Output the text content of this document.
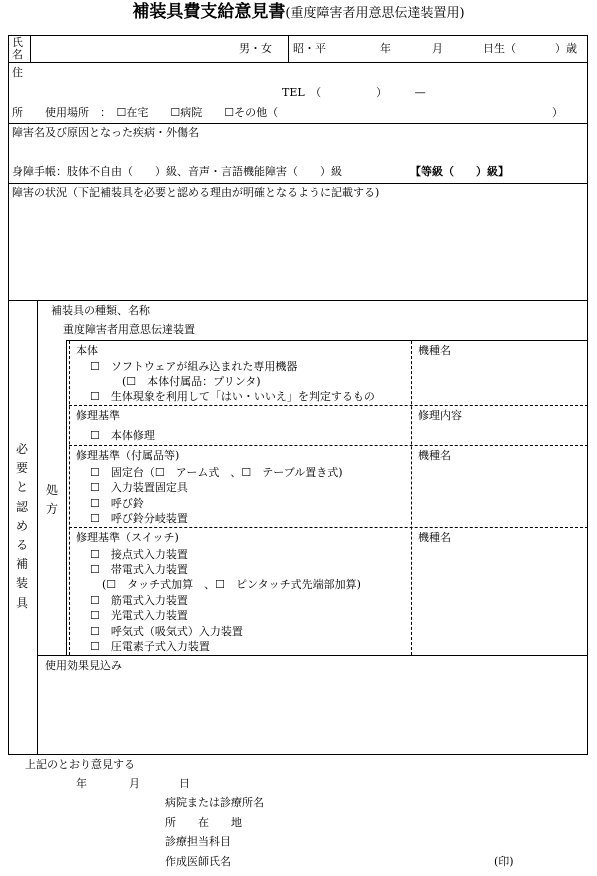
補装具費支給意見書(重度障害者用意思伝達装置用)
氏
名	男・女 昭・平	年	月	日生（	）歳
住
TEL　（　　　　　）　　　—
所 使用場所　：　☐在宅　　☐病院　　☐その他（	）
障害名及び原因となった疾病・外傷名
身障手帳：肢体不自由（　　）級、音声・言語機能障害（　　）級	【等級（　　）級】
障害の状況（下記補装具を必要と認める理由が明確となるように記載する)
必
要
と
認
め
る
補
装
具
補装具の種類、名称
重度障害者用意思伝達装置
処
方
本体
☐　ソフトウェアが組み込まれた専用機器
(☐　本体付属品：プリンタ)
☐　生体現象を利用して「はい・いいえ」を判定するもの
機種名
修理基準
☐　本体修理
修理内容
修理基準（付属品等)
☐　固定台（☐　アーム式　、☐　テーブル置き式)
☐　入力装置固定具
☐　呼び鈴
☐　呼び鈴分岐装置
機種名
修理基準（スイッチ)
☐　接点式入力装置
☐　帯電式入力装置
(☐　タッチ式加算　、☐　ピンタッチ式先端部加算)
☐　筋電式入力装置
☐　光電式入力装置
☐　呼気式（吸気式）入力装置
☐　圧電素子式入力装置
機種名
使用効果見込み
上記のとおり意見する
年	月	日
病院または診療所名
所　　在　　地
診療担当科目
作成医師氏名	(印)
